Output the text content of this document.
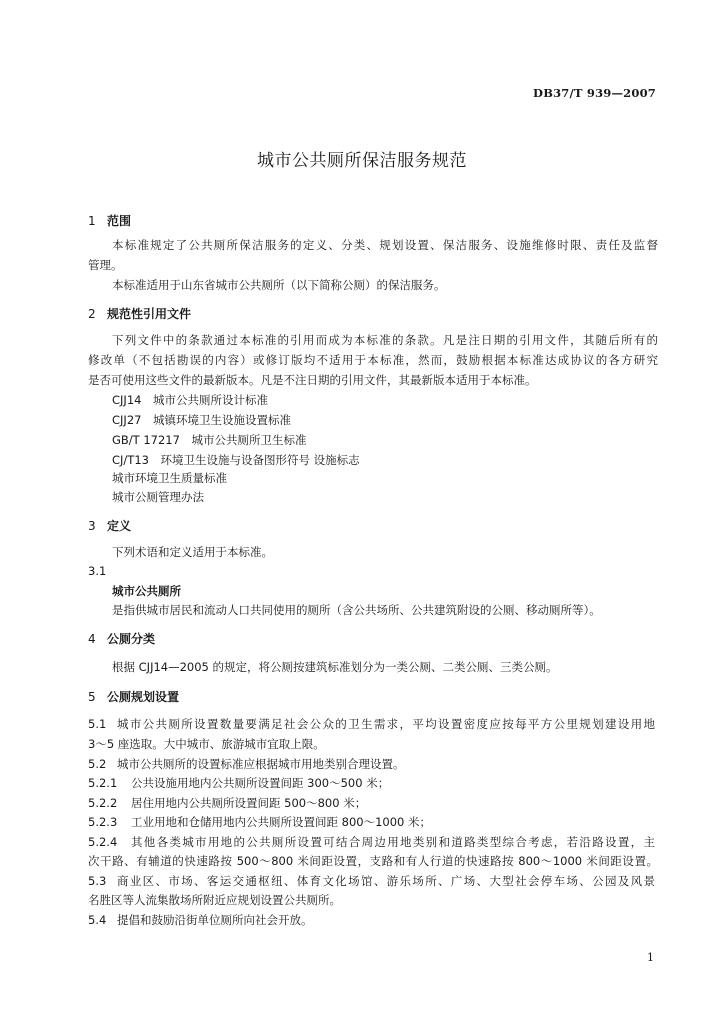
DB37/T 939—2007
城市公共厕所保洁服务规范
1 范围
本标准规定了公共厕所保洁服务的定义、分类、规划设置、保洁服务、设施维修时限、责任及监督
管理。
本标准适用于山东省城市公共厕所（以下简称公厕）的保洁服务。
2 规范性引用文件
下列文件中的条款通过本标准的引用而成为本标准的条款。凡是注日期的引用文件，其随后所有的
修改单（不包括勘误的内容）或修订版均不适用于本标准，然而，鼓励根据本标准达成协议的各方研究
是否可使用这些文件的最新版本。凡是不注日期的引用文件，其最新版本适用于本标准。
CJJ14　城市公共厕所设计标准
CJJ27　城镇环境卫生设施设置标准
GB/T 17217　城市公共厕所卫生标准
CJ/T13　环境卫生设施与设备图形符号 设施标志
城市环境卫生质量标准
城市公厕管理办法
3 定义
下列术语和定义适用于本标准。
3.1
城市公共厕所
是指供城市居民和流动人口共同使用的厕所（含公共场所、公共建筑附设的公厕、移动厕所等）。
4 公厕分类
根据 CJJ14—2005 的规定，将公厕按建筑标准划分为一类公厕、二类公厕、三类公厕。
5 公厕规划设置
5.1 城市公共厕所设置数量要满足社会公众的卫生需求，平均设置密度应按每平方公里规划建设用地
3～5 座选取。大中城市、旅游城市宜取上限。
5.2 城市公共厕所的设置标准应根据城市用地类别合理设置。
5.2.1 公共设施用地内公共厕所设置间距 300～500 米；
5.2.2 居住用地内公共厕所设置间距 500～800 米；
5.2.3 工业用地和仓储用地内公共厕所设置间距 800～1000 米；
5.2.4 其他各类城市用地的公共厕所设置可结合周边用地类别和道路类型综合考虑，若沿路设置，主
次干路、有辅道的快速路按 500～800 米间距设置，支路和有人行道的快速路按 800～1000 米间距设置。
5.3 商业区、市场、客运交通枢纽、体育文化场馆、游乐场所、广场、大型社会停车场、公园及风景
名胜区等人流集散场所附近应规划设置公共厕所。
5.4 提倡和鼓励沿街单位厕所向社会开放。
1
